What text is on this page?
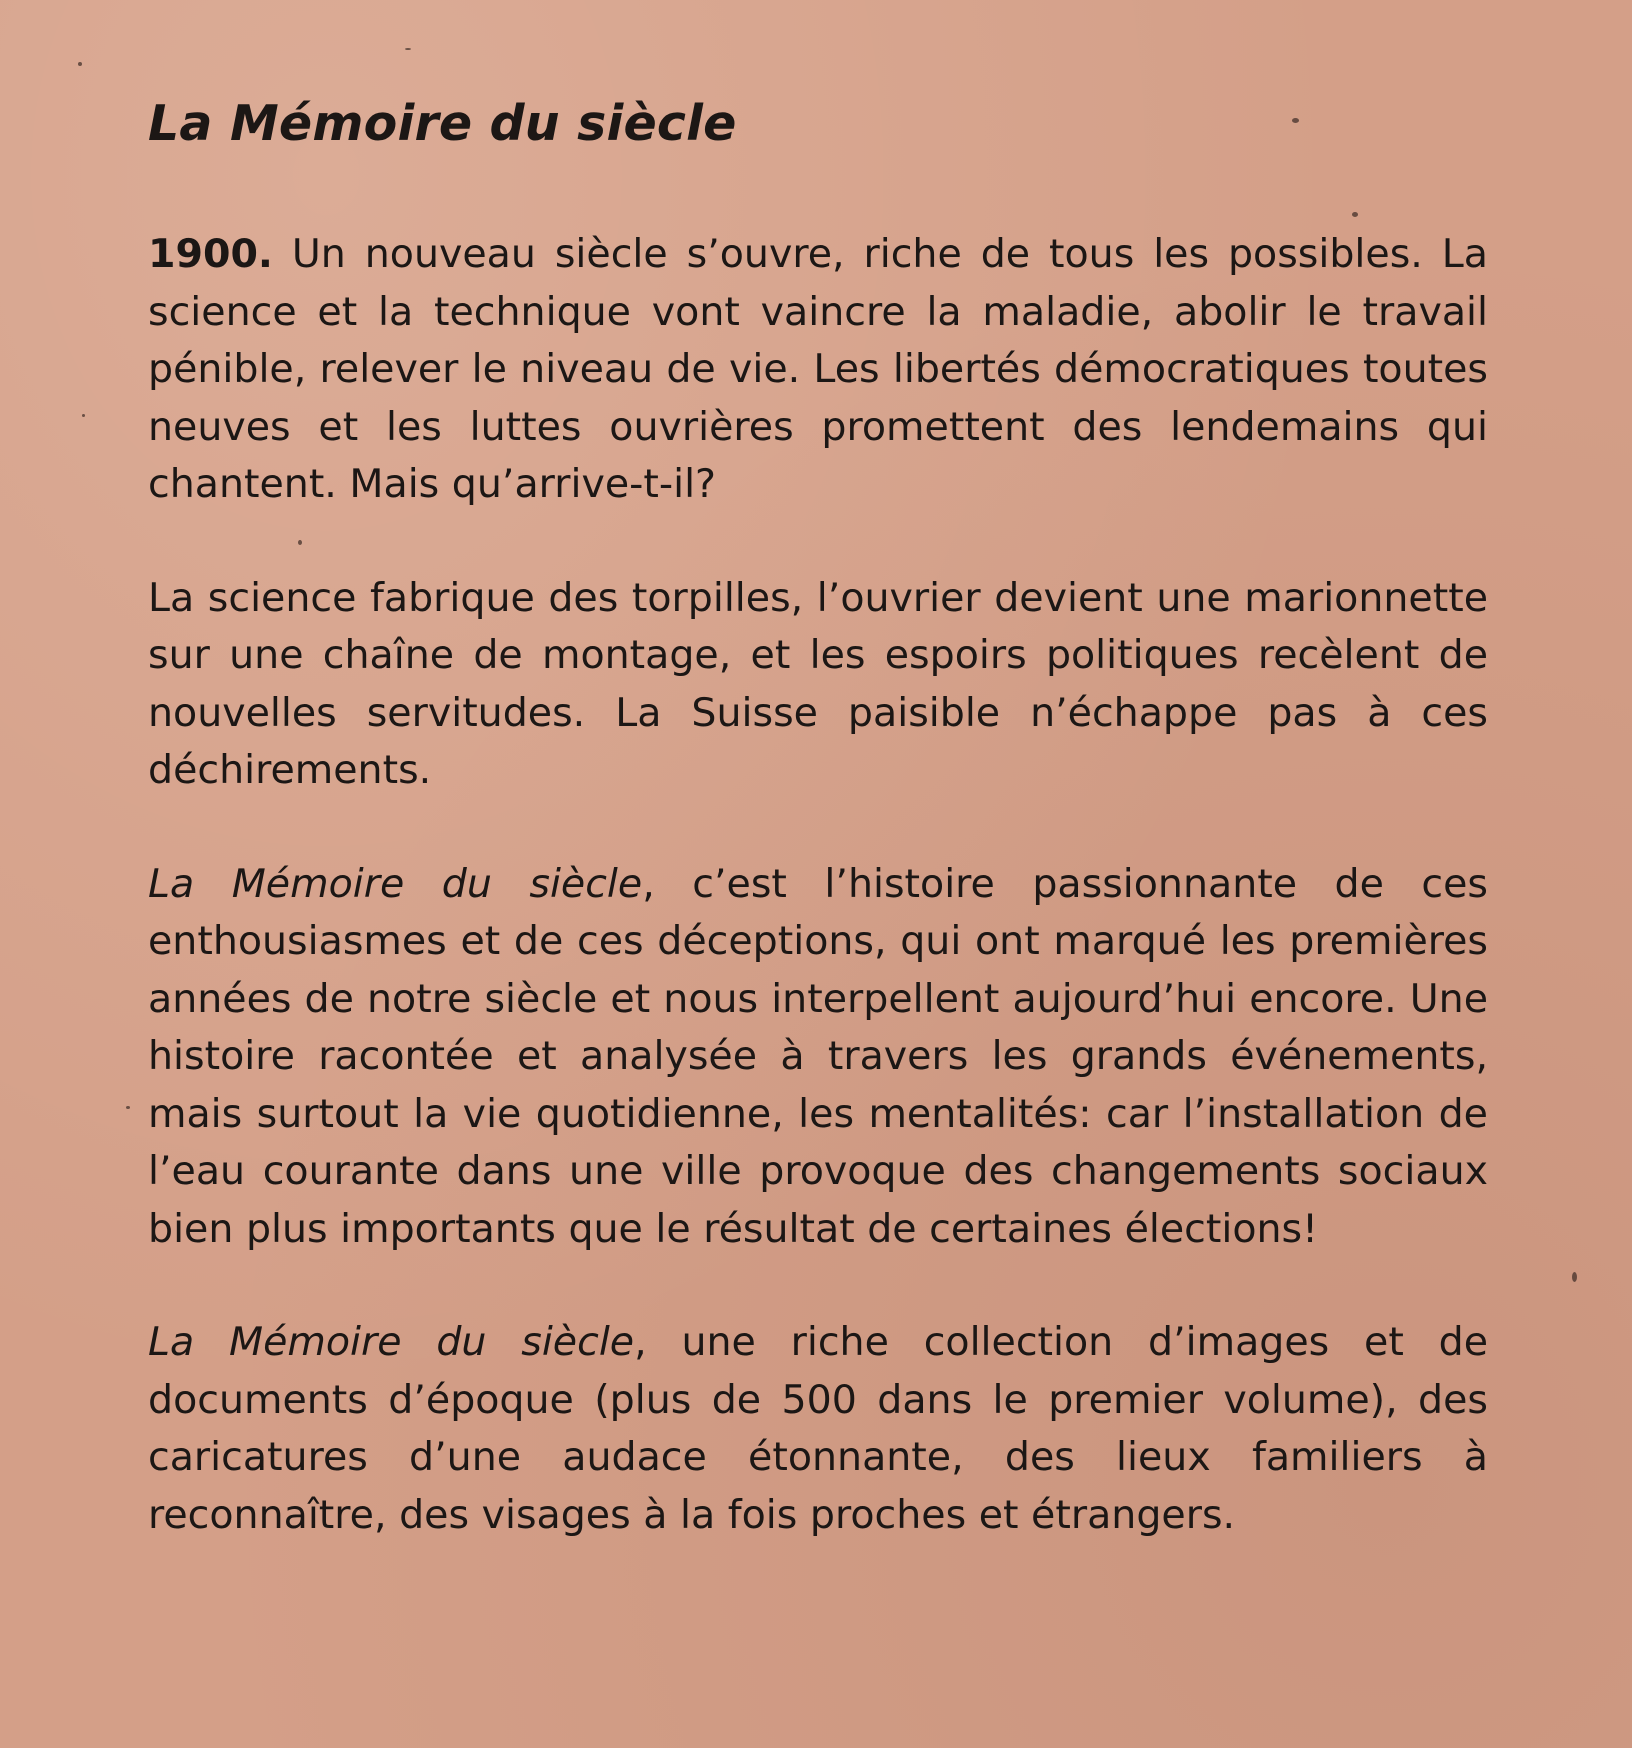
La Mémoire du siècle

1900. Un nouveau siècle s’ouvre, riche de tous les possibles. La science et la technique vont vaincre la maladie, abolir le travail pénible, relever le niveau de vie. Les libertés démocratiques toutes neuves et les luttes ouvrières promettent des lendemains qui chantent. Mais qu’arrive-t-il?

La science fabrique des torpilles, l’ouvrier devient une marionnette sur une chaîne de montage, et les espoirs politiques recèlent de nouvelles servitudes. La Suisse paisible n’échappe pas à ces déchirements.

La Mémoire du siècle, c’est l’histoire passionnante de ces enthousiasmes et de ces déceptions, qui ont marqué les premières années de notre siècle et nous interpellent aujourd’hui encore. Une histoire racontée et analysée à travers les grands événements, mais surtout la vie quotidienne, les mentalités: car l’installation de l’eau courante dans une ville provoque des changements sociaux bien plus importants que le résultat de certaines élections!

La Mémoire du siècle, une riche collection d’images et de documents d’époque (plus de 500 dans le premier volume), des caricatures d’une audace étonnante, des lieux familiers à reconnaître, des visages à la fois proches et étrangers.
